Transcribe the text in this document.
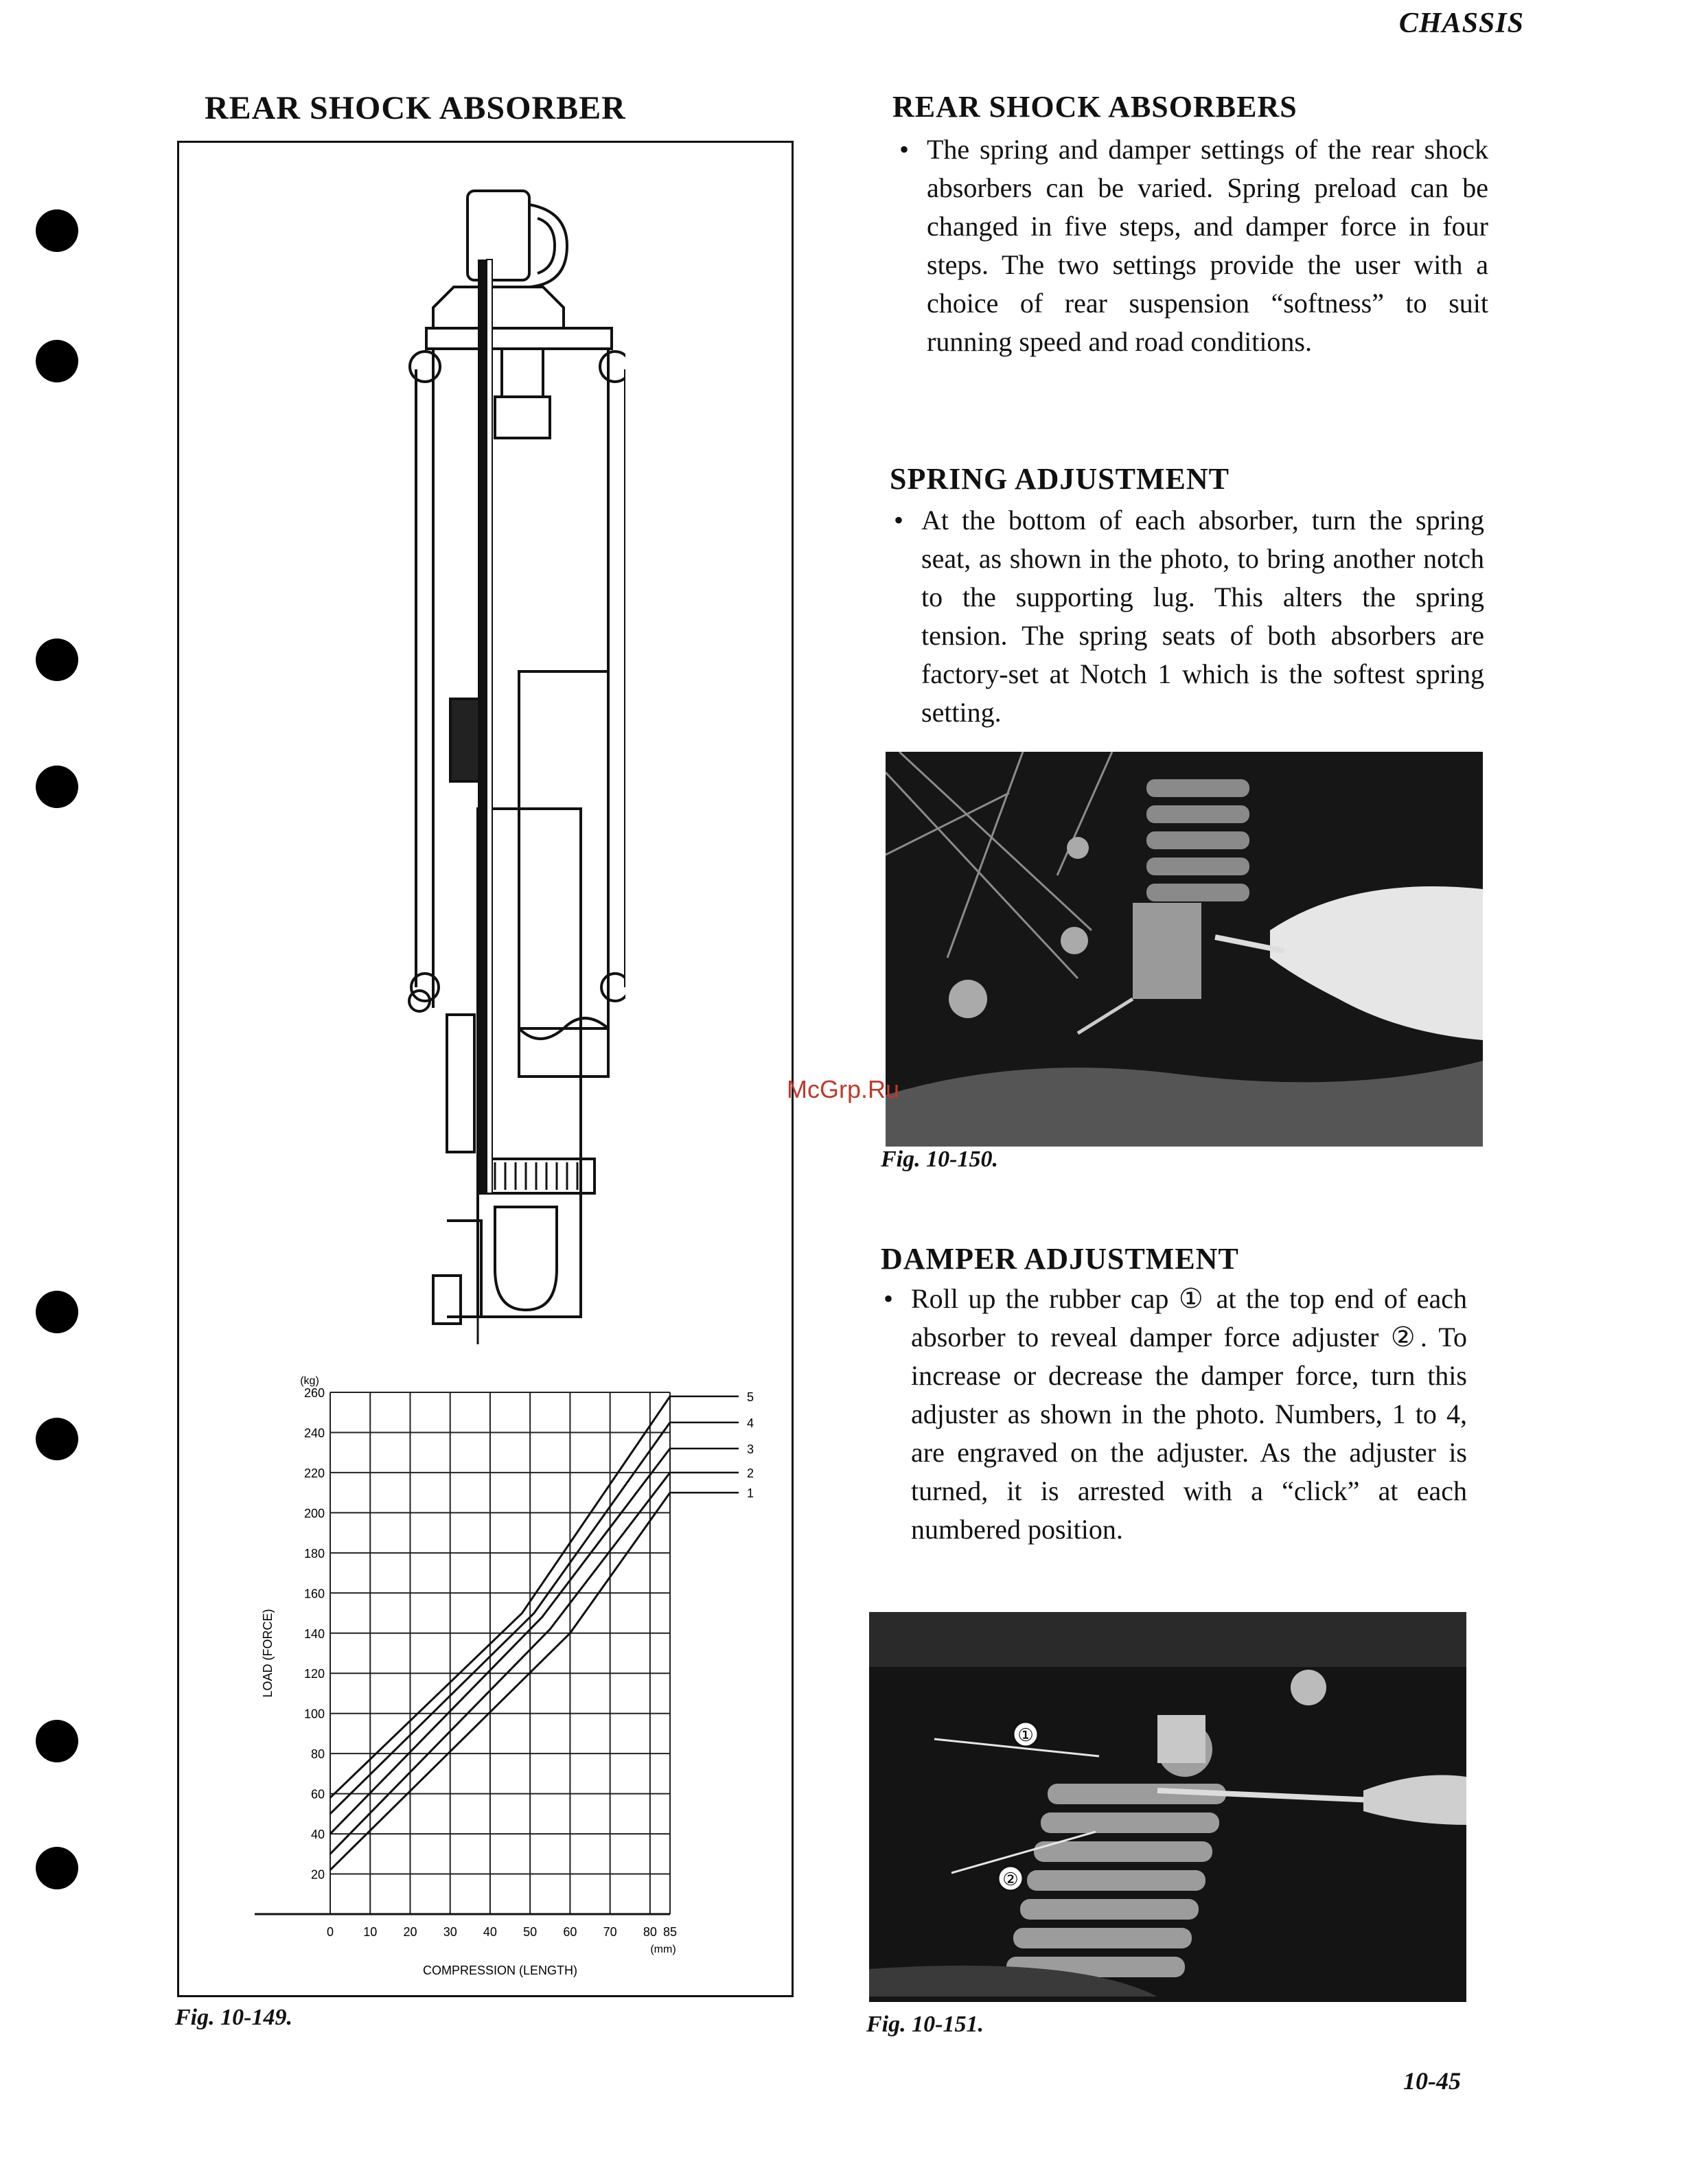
CHASSIS
REAR SHOCK ABSORBER
20
40
60
80
100
120
140
160
180
200
220
240
260
0 10 20 30 40 50 60 70 80 85
(kg)
(mm)
COMPRESSION (LENGTH)
LOAD (FORCE)
1
2
3
4
5
Fig. 10-149.
REAR SHOCK ABSORBERS
• The spring and damper settings of the rear shock absorbers can be varied. Spring preload can be changed in five steps, and damper force in four steps. The two settings provide the user with a choice of rear suspension “softness” to suit running speed and road conditions.
SPRING ADJUSTMENT
• At the bottom of each absorber, turn the spring seat, as shown in the photo, to bring another notch to the supporting lug. This alters the spring tension. The spring seats of both absorbers are factory-set at Notch 1 which is the softest spring setting.
Fig. 10-150.
DAMPER ADJUSTMENT
• Roll up the rubber cap ① at the top end of each absorber to reveal damper force adjuster ②. To increase or decrease the damper force, turn this adjuster as shown in the photo. Numbers, 1 to 4, are engraved on the adjuster. As the adjuster is turned, it is arrested with a “click” at each numbered position.
①
②
Fig. 10-151.
10-45
McGrp.Ru
